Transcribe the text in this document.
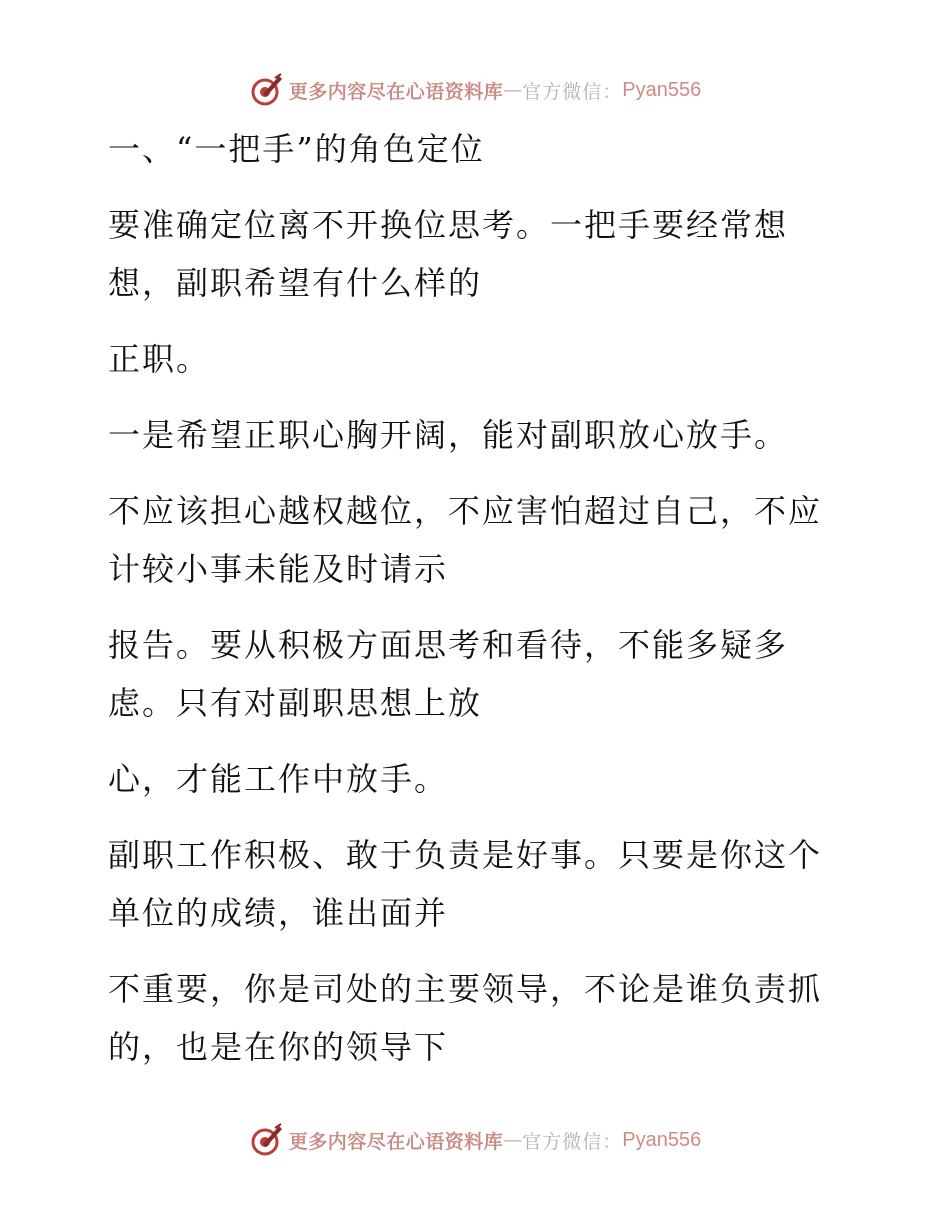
更多内容尽在心语资料库 — 官方微信： Pyan556

一、“一把手”的角色定位

要准确定位离不开换位思考。一把手要经常想想，副职希望有什么样的

正职。

一是希望正职心胸开阔，能对副职放心放手。

不应该担心越权越位，不应害怕超过自己，不应计较小事未能及时请示

报告。要从积极方面思考和看待，不能多疑多虑。只有对副职思想上放

心，才能工作中放手。

副职工作积极、敢于负责是好事。只要是你这个单位的成绩，谁出面并

不重要，你是司处的主要领导，不论是谁负责抓的，也是在你的领导下

更多内容尽在心语资料库 — 官方微信： Pyan556
